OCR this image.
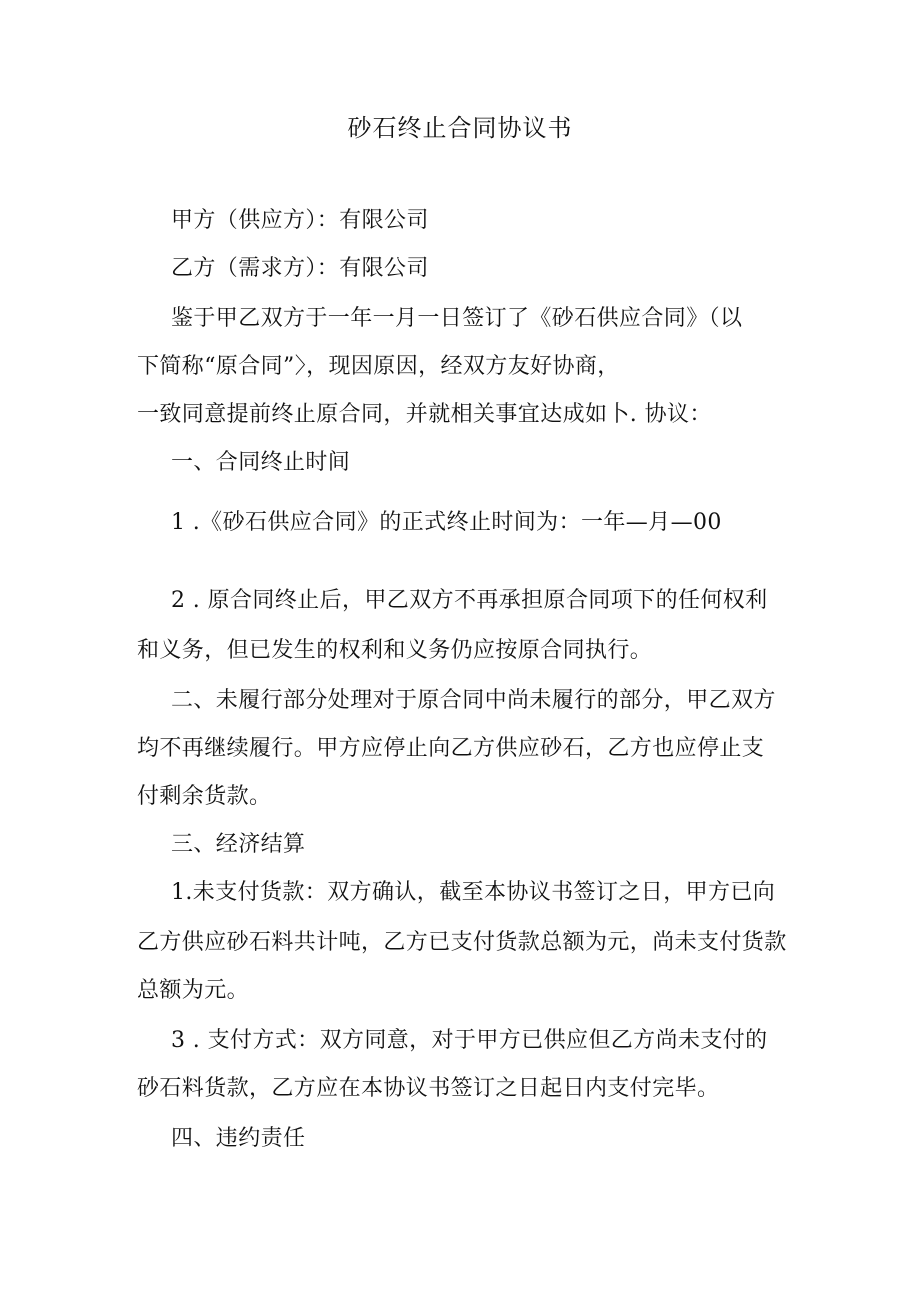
砂石终止合同协议书
甲方（供应方）：有限公司
乙方（需求方）：有限公司
鉴于甲乙双方于一年一月一日签订了《砂石供应合同》（以
下简称“原合同”〉，现因原因，经双方友好协商，
一致同意提前终止原合同，并就相关事宜达成如卜. 协议：
一、合同终止时间
1 .《砂石供应合同》的正式终止时间为：一年—月—00
2 . 原合同终止后，甲乙双方不再承担原合同项下的任何权利
和义务，但已发生的权利和义务仍应按原合同执行。
二、未履行部分处理对于原合同中尚未履行的部分，甲乙双方
均不再继续履行。甲方应停止向乙方供应砂石，乙方也应停止支
付剩余货款。
三、经济结算
1.未支付货款：双方确认，截至本协议书签订之日，甲方已向
乙方供应砂石料共计吨，乙方已支付货款总额为元，尚未支付货款
总额为元。
3 . 支付方式：双方同意，对于甲方已供应但乙方尚未支付的
砂石料货款，乙方应在本协议书签订之日起日内支付完毕。
四、违约责任
